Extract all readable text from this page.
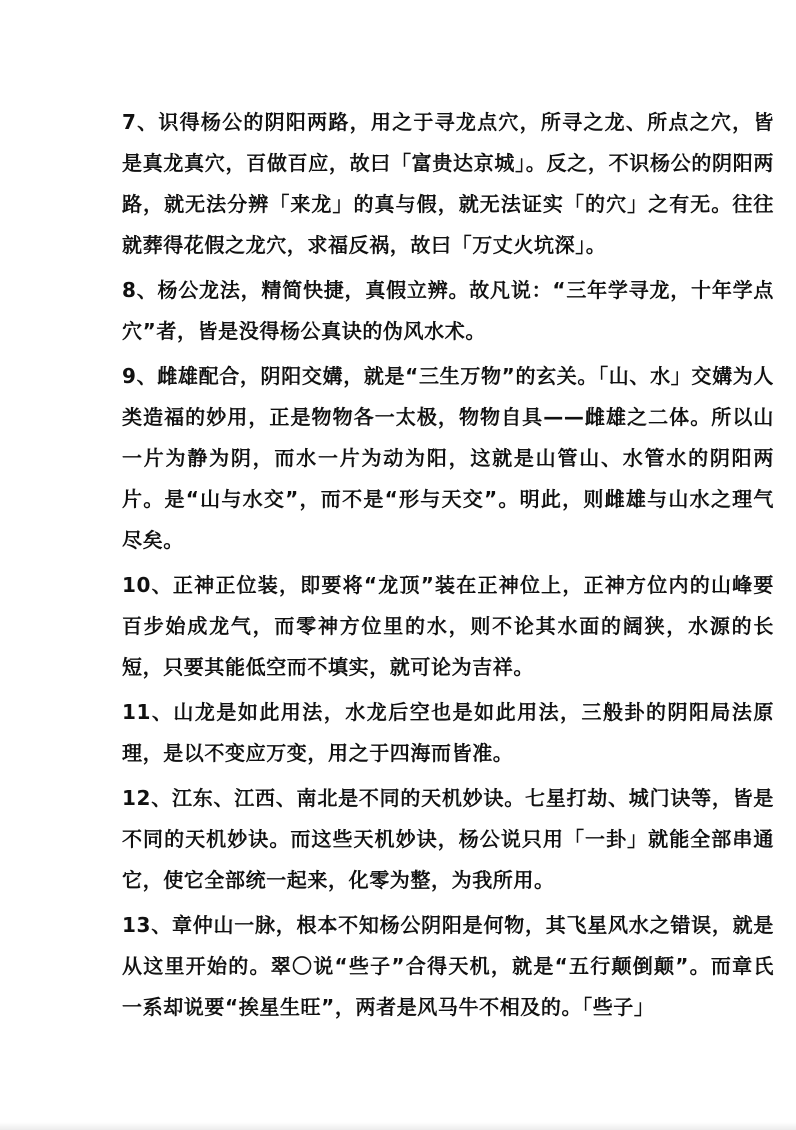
7、识得杨公的阴阳两路，用之于寻龙点穴，所寻之龙、所点之穴，皆是真龙真穴，百做百应，故曰「富贵达京城」。反之，不识杨公的阴阳两路，就无法分辨「来龙」的真与假，就无法证实「的穴」之有无。往往就葬得花假之龙穴，求福反祸，故曰「万丈火坑深」。

8、杨公龙法，精简快捷，真假立辨。故凡说：“三年学寻龙，十年学点穴”者，皆是没得杨公真诀的伪风水术。

9、雌雄配合，阴阳交媾，就是“三生万物”的玄关。「山、水」交媾为人类造福的妙用，正是物物各一太极，物物自具——雌雄之二体。所以山一片为静为阴，而水一片为动为阳，这就是山管山、水管水的阴阳两片。是“山与水交”，而不是“形与天交”。明此，则雌雄与山水之理气尽矣。

10、正神正位装，即要将“龙顶”装在正神位上，正神方位内的山峰要百步始成龙气，而零神方位里的水，则不论其水面的阔狭，水源的长短，只要其能低空而不填实，就可论为吉祥。

11、山龙是如此用法，水龙后空也是如此用法，三般卦的阴阳局法原理，是以不变应万变，用之于四海而皆准。

12、江东、江西、南北是不同的天机妙诀。七星打劫、城门诀等，皆是不同的天机妙诀。而这些天机妙诀，杨公说只用「一卦」就能全部串通它，使它全部统一起来，化零为整，为我所用。

13、章仲山一脉，根本不知杨公阴阳是何物，其飞星风水之错误，就是从这里开始的。翠〇说“些子”合得天机，就是“五行颠倒颠”。而章氏一系却说要“挨星生旺”，两者是风马牛不相及的。「些子」
